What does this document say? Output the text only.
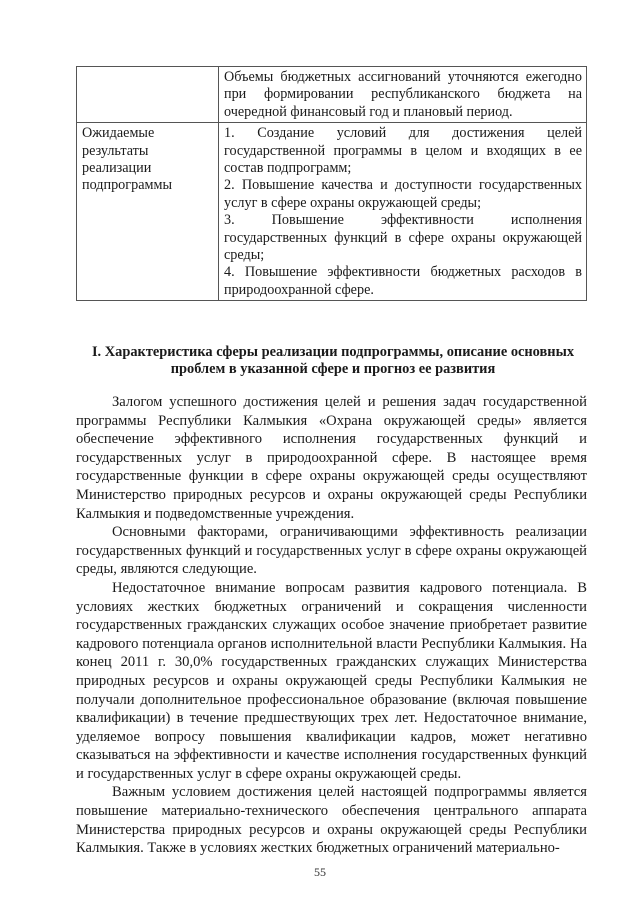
	Объемы бюджетных ассигнований уточняются ежегодно при формировании республиканского бюджета на очередной финансовый год и плановый период.

Ожидаемые результаты реализации подпрограммы	1. Создание условий для достижения целей государственной программы в целом и входящих в ее состав подпрограмм;
2. Повышение качества и доступности государственных услуг в сфере охраны окружающей среды;
3. Повышение эффективности исполнения государственных функций в сфере охраны окружающей среды;
4. Повышение эффективности бюджетных расходов в природоохранной сфере.
I. Характеристика сферы реализации подпрограммы, описание основных проблем в указанной сфере и прогноз ее развития

Залогом успешного достижения целей и решения задач государственной программы Республики Калмыкия «Охрана окружающей среды» является обеспечение эффективного исполнения государственных функций и государственных услуг в природоохранной сфере. В настоящее время государственные функции в сфере охраны окружающей среды осуществляют Министерство природных ресурсов и охраны окружающей среды Республики Калмыкия и подведомственные учреждения.

Основными факторами, ограничивающими эффективность реализации государственных функций и государственных услуг в сфере охраны окружающей среды, являются следующие.

Недостаточное внимание вопросам развития кадрового потенциала. В условиях жестких бюджетных ограничений и сокращения численности государственных гражданских служащих особое значение приобретает развитие кадрового потенциала органов исполнительной власти Республики Калмыкия. На конец 2011 г. 30,0% государственных гражданских служащих Министерства природных ресурсов и охраны окружающей среды Республики Калмыкия не получали дополнительное профессиональное образование (включая повышение квалификации) в течение предшествующих трех лет. Недостаточное внимание, уделяемое вопросу повышения квалификации кадров, может негативно сказываться на эффективности и качестве исполнения государственных функций и государственных услуг в сфере охраны окружающей среды.

Важным условием достижения целей настоящей подпрограммы является повышение материально-технического обеспечения центрального аппарата Министерства природных ресурсов и охраны окружающей среды Республики Калмыкия. Также в условиях жестких бюджетных ограничений материально-

55
